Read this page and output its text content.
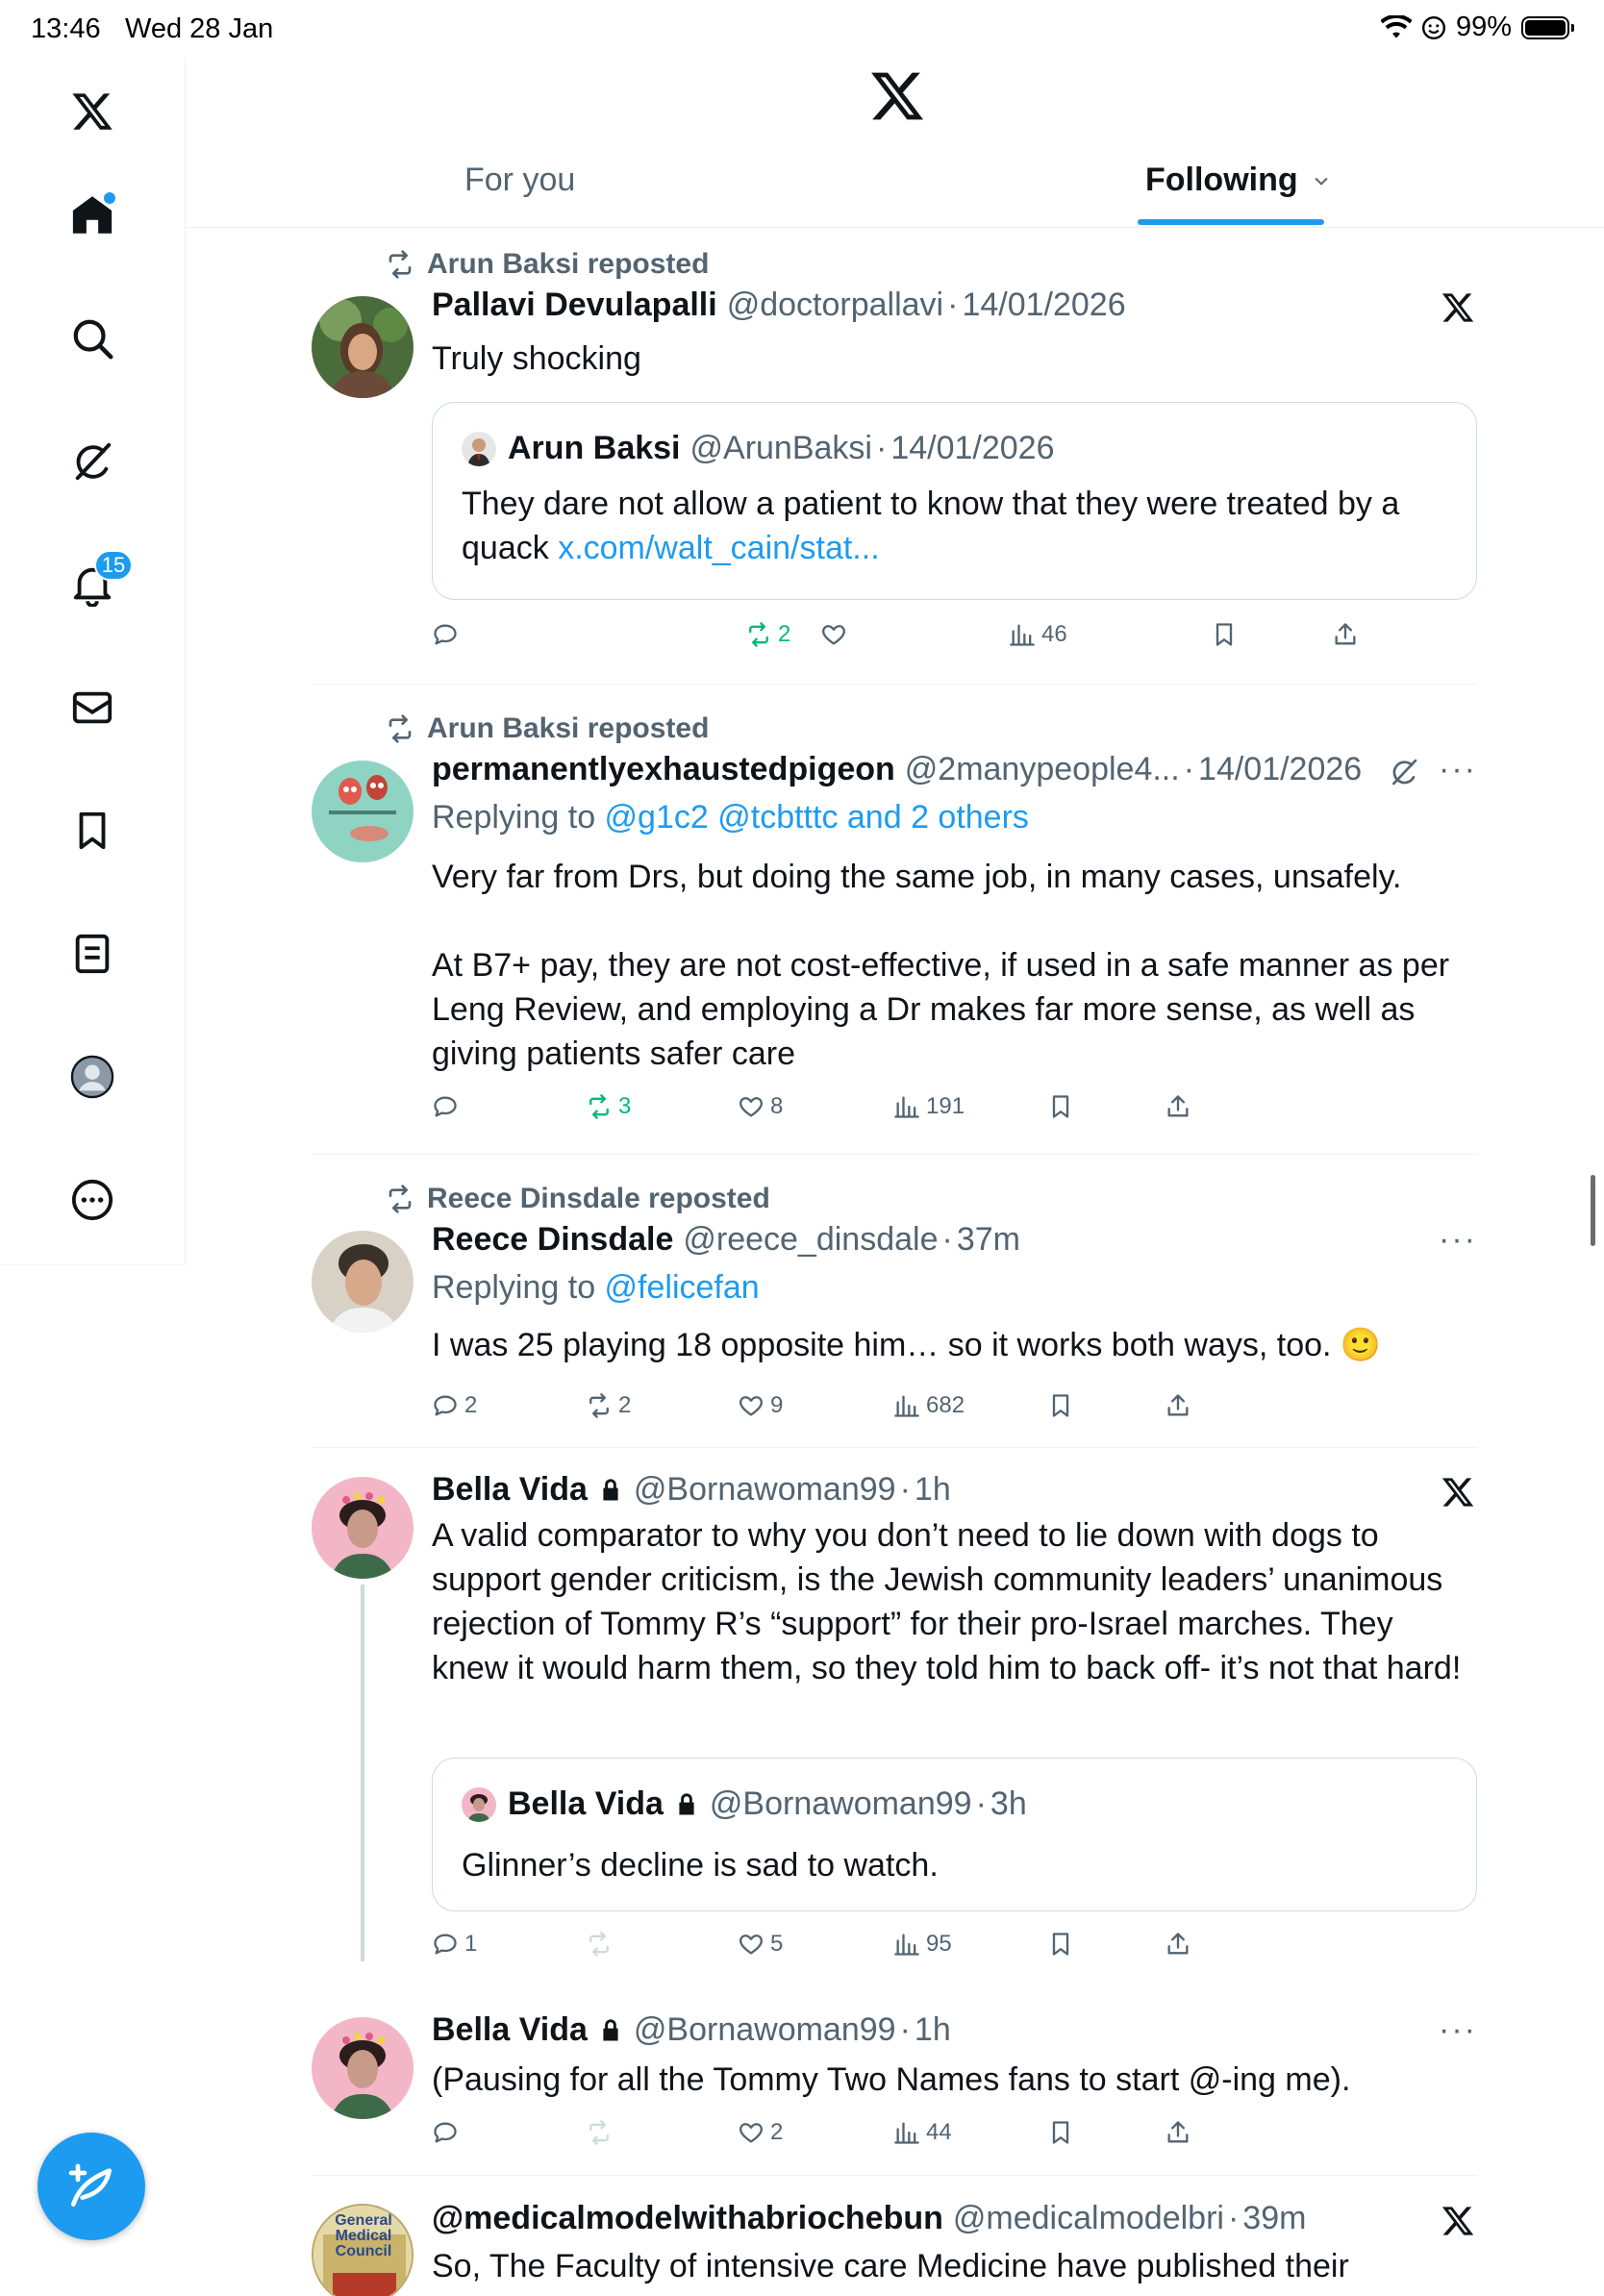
13:46 Wed 28 Jan	99%
15
For you	Following
Arun Baksi reposted
Pallavi Devulapalli @doctorpallavi · 14/01/2026
Truly shocking
Arun Baksi @ArunBaksi · 14/01/2026
They dare not allow a patient to know that they were treated by a quack x.com/walt_cain/stat...
2	46
Arun Baksi reposted
permanentlyexhaustedpigeon @2manypeople4... · 14/01/2026 ···
Replying to @g1c2 @tcbtttc and 2 others
Very far from Drs, but doing the same job, in many cases, unsafely.
At B7+ pay, they are not cost-effective, if used in a safe manner as per Leng Review, and employing a Dr makes far more sense, as well as giving patients safer care
3	8	191
Reece Dinsdale reposted
Reece Dinsdale @reece_dinsdale · 37m	···
Replying to @felicefan
I was 25 playing 18 opposite him… so it works both ways, too. 🙂
2	2	9	682
Bella Vida @Bornawoman99 · 1h
A valid comparator to why you don’t need to lie down with dogs to support gender criticism, is the Jewish community leaders’ unanimous rejection of Tommy R’s “support” for their pro-Israel marches. They knew it would harm them, so they told him to back off- it’s not that hard!
Bella Vida @Bornawoman99 · 3h
Glinner’s decline is sad to watch.
1	5	95
Bella Vida @Bornawoman99 · 1h	···
(Pausing for all the Tommy Two Names fans to start @-ing me).
2	44
General Medical Council
@medicalmodelwithabriochebun @medicalmodelbri · 39m
So, The Faculty of intensive care Medicine have published their
